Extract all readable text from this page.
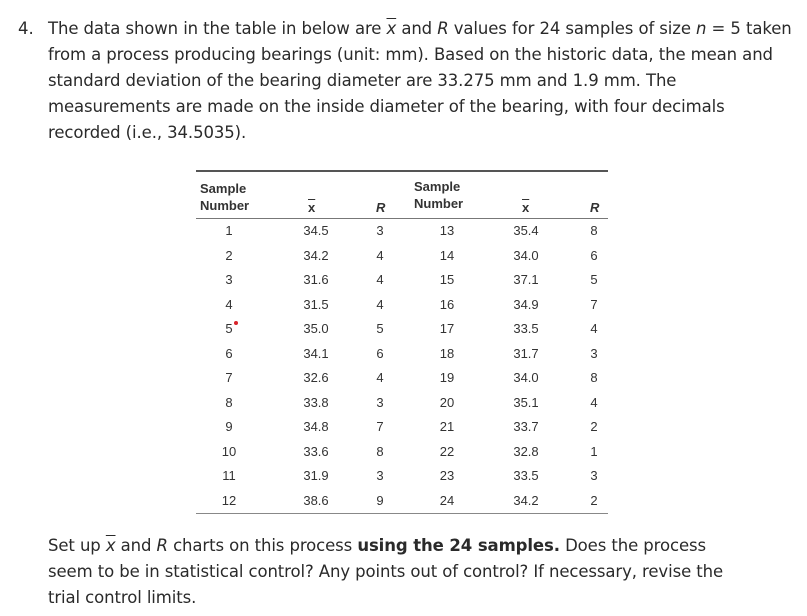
4. The data shown in the table in below are $\overline{x}$ and R values for 24 samples of size n = 5 taken
from a process producing bearings (unit: mm). Based on the historic data, the mean and
standard deviation of the bearing diameter are 33.275 mm and 1.9 mm. The
measurements are made on the inside diameter of the bearing, with four decimals
recorded (i.e., 34.5035).
Sample
Number	$\overline{x}$	R
Sample
Number	$\overline{x}$	R
1	34.5	3	13	35.4	8
2	34.2	4	14	34.0	6
3	31.6	4	15	37.1	5
4	31.5	4	16	34.9	7
5	35.0	5	17	33.5	4
6	34.1	6	18	31.7	3
7	32.6	4	19	34.0	8
8	33.8	3	20	35.1	4
9	34.8	7	21	33.7	2
10	33.6	8	22	32.8	1
11	31.9	3	23	33.5	3
12	38.6	9	24	34.2	2
Set up $\overline{x}$ and R charts on this process using the 24 samples. Does the process
seem to be in statistical control? Any points out of control? If necessary, revise the
trial control limits.
